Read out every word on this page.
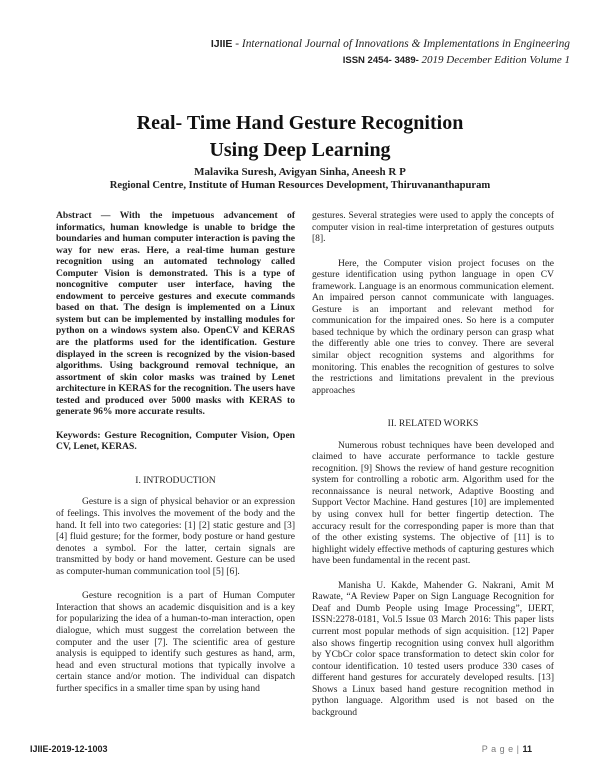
IJIIE - International Journal of Innovations & Implementations in Engineering
ISSN 2454- 3489- 2019 December Edition Volume 1
Real- Time Hand Gesture Recognition
Using Deep Learning
Malavika Suresh, Avigyan Sinha, Aneesh R P
Regional Centre, Institute of Human Resources Development, Thiruvananthapuram

Abstract — With the impetuous advancement of informatics, human knowledge is unable to bridge the boundaries and human computer interaction is paving the way for new eras. Here, a real-time human gesture recognition using an automated technology called Computer Vision is demonstrated. This is a type of noncognitive computer user interface, having the endowment to perceive gestures and execute commands based on that. The design is implemented on a Linux system but can be implemented by installing modules for python on a windows system also. OpenCV and KERAS are the platforms used for the identification. Gesture displayed in the screen is recognized by the vision-based algorithms. Using background removal technique, an assortment of skin color masks was trained by Lenet architecture in KERAS for the recognition. The users have tested and produced over 5000 masks with KERAS to generate 96% more accurate results.

Keywords: Gesture Recognition, Computer Vision, Open CV, Lenet, KERAS.

I. INTRODUCTION

Gesture is a sign of physical behavior or an expression of feelings. This involves the movement of the body and the hand. It fell into two categories: [1] [2] static gesture and [3] [4] fluid gesture; for the former, body posture or hand gesture denotes a symbol. For the latter, certain signals are transmitted by body or hand movement. Gesture can be used as computer-human communication tool [5] [6].

Gesture recognition is a part of Human Computer Interaction that shows an academic disquisition and is a key for popularizing the idea of a human-to-man interaction, open dialogue, which must suggest the correlation between the computer and the user [7]. The scientific area of gesture analysis is equipped to identify such gestures as hand, arm, head and even structural motions that typically involve a certain stance and/or motion. The individual can dispatch further specifics in a smaller time span by using hand

gestures. Several strategies were used to apply the concepts of computer vision in real-time interpretation of gestures outputs [8].

Here, the Computer vision project focuses on the gesture identification using python language in open CV framework. Language is an enormous communication element. An impaired person cannot communicate with languages. Gesture is an important and relevant method for communication for the impaired ones. So here is a computer based technique by which the ordinary person can grasp what the differently able one tries to convey. There are several similar object recognition systems and algorithms for monitoring. This enables the recognition of gestures to solve the restrictions and limitations prevalent in the previous approaches

II. RELATED WORKS

Numerous robust techniques have been developed and claimed to have accurate performance to tackle gesture recognition. [9] Shows the review of hand gesture recognition system for controlling a robotic arm. Algorithm used for the reconnaissance is neural network, Adaptive Boosting and Support Vector Machine. Hand gestures [10] are implemented by using convex hull for better fingertip detection. The accuracy result for the corresponding paper is more than that of the other existing systems. The objective of [11] is to highlight widely effective methods of capturing gestures which have been fundamental in the recent past.

Manisha U. Kakde, Mahender G. Nakrani, Amit M Rawate, “A Review Paper on Sign Language Recognition for Deaf and Dumb People using Image Processing”, IJERT, ISSN:2278-0181, Vol.5 Issue 03 March 2016: This paper lists current most popular methods of sign acquisition. [12] Paper also shows fingertip recognition using convex hull algorithm by YCbCr color space transformation to detect skin color for contour identification. 10 tested users produce 330 cases of different hand gestures for accurately developed results. [13] Shows a Linux based hand gesture recognition method in python language. Algorithm used is not based on the background

IJIIE-2019-12-1003	P a g e | 11
